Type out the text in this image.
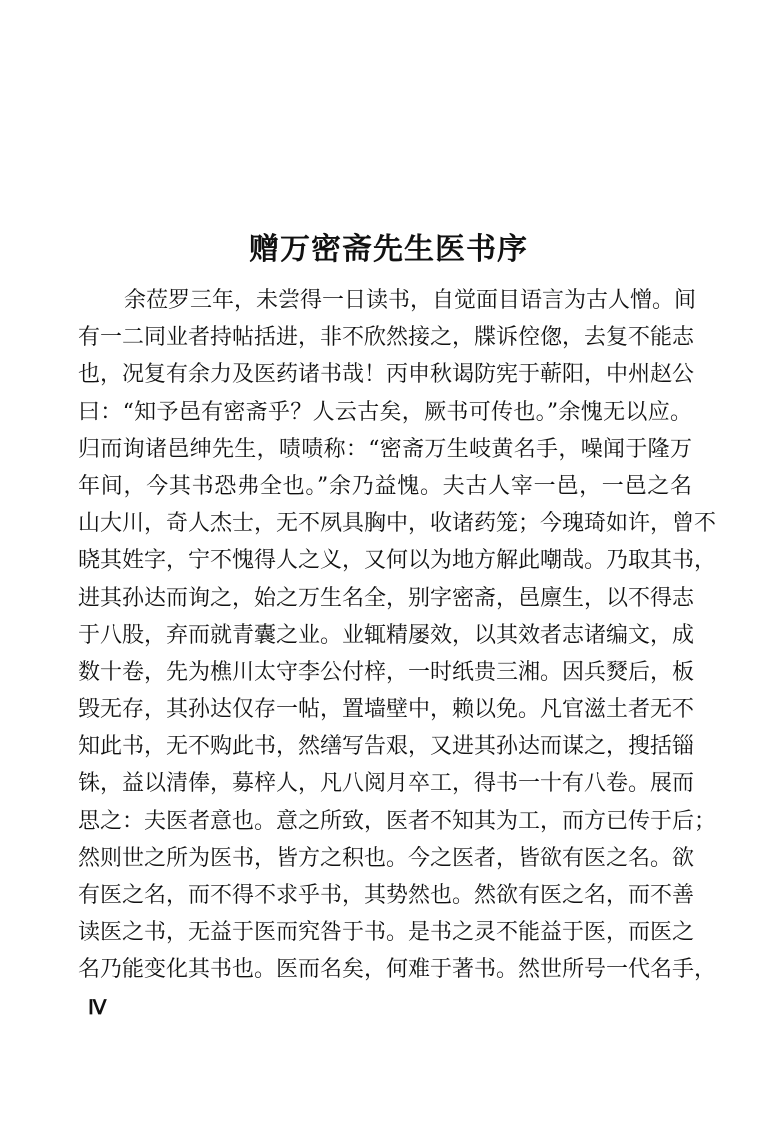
赠万密斋先生医书序
余莅罗三年，未尝得一日读书，自觉面目语言为古人憎。间
有一二同业者持帖括进，非不欣然接之，牒诉倥偬，去复不能志
也，况复有余力及医药诸书哉！丙申秋谒防宪于蕲阳，中州赵公
曰：“知予邑有密斋乎？人云古矣，厥书可传也。”余愧无以应。
归而询诸邑绅先生，啧啧称：“密斋万生岐黄名手，噪闻于隆万
年间，今其书恐弗全也。”余乃益愧。夫古人宰一邑，一邑之名
山大川，奇人杰士，无不夙具胸中，收诸药笼；今瑰琦如许，曾不
晓其姓字，宁不愧得人之义，又何以为地方解此嘲哉。乃取其书，
进其孙达而询之，始之万生名全，别字密斋，邑廪生，以不得志
于八股，弃而就青囊之业。业辄精屡效，以其效者志诸编文，成
数十卷，先为樵川太守李公付梓，一时纸贵三湘。因兵燹后，板
毁无存，其孙达仅存一帖，置墙壁中，赖以免。凡官滋土者无不
知此书，无不购此书，然缮写告艰，又进其孙达而谋之，搜括锱
铢，益以清俸，募梓人，凡八阅月卒工，得书一十有八卷。展而
思之：夫医者意也。意之所致，医者不知其为工，而方已传于后；
然则世之所为医书，皆方之积也。今之医者，皆欲有医之名。欲
有医之名，而不得不求乎书，其势然也。然欲有医之名，而不善
读医之书，无益于医而究咎于书。是书之灵不能益于医，而医之
名乃能变化其书也。医而名矣，何难于著书。然世所号一代名手，
Ⅳ
